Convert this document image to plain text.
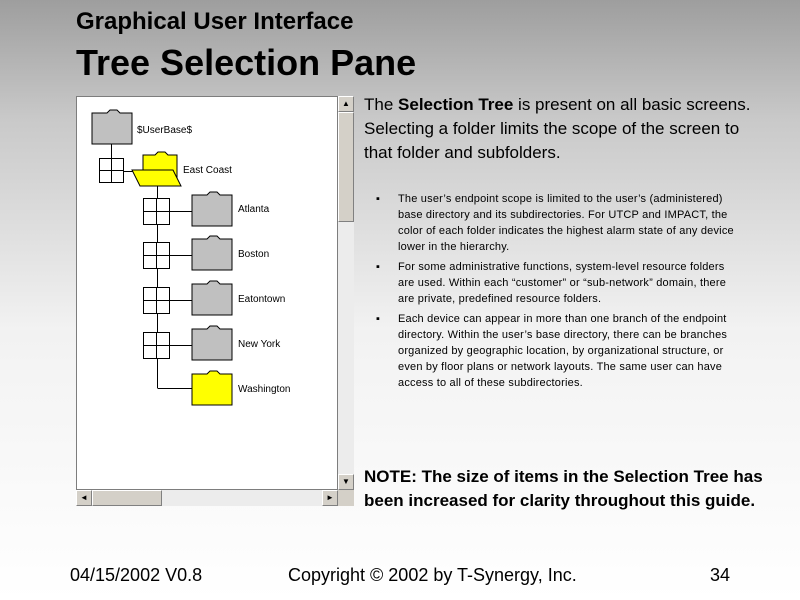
Graphical User Interface
Tree Selection Pane
$UserBase$
East Coast
Atlanta
Boston
Eatontown
New York
Washington
▲
▼
◄	►
The Selection Tree is present on all basic screens. Selecting a folder limits the scope of the screen to that folder and subfolders.
▪ The user’s endpoint scope is limited to the user’s (administered) base directory and its subdirectories. For UTCP and IMPACT, the color of each folder indicates the highest alarm state of any device lower in the hierarchy.
▪ For some administrative functions, system-level resource folders are used. Within each “customer” or “sub-network” domain, there are private, predefined resource folders.
▪ Each device can appear in more than one branch of the endpoint directory. Within the user’s base directory, there can be branches organized by geographic location, by organizational structure, or even by floor plans or network layouts. The same user can have access to all of these subdirectories.
NOTE: The size of items in the Selection Tree has been increased for clarity throughout this guide.
04/15/2002 V0.8	Copyright © 2002 by T-Synergy, Inc.	34
